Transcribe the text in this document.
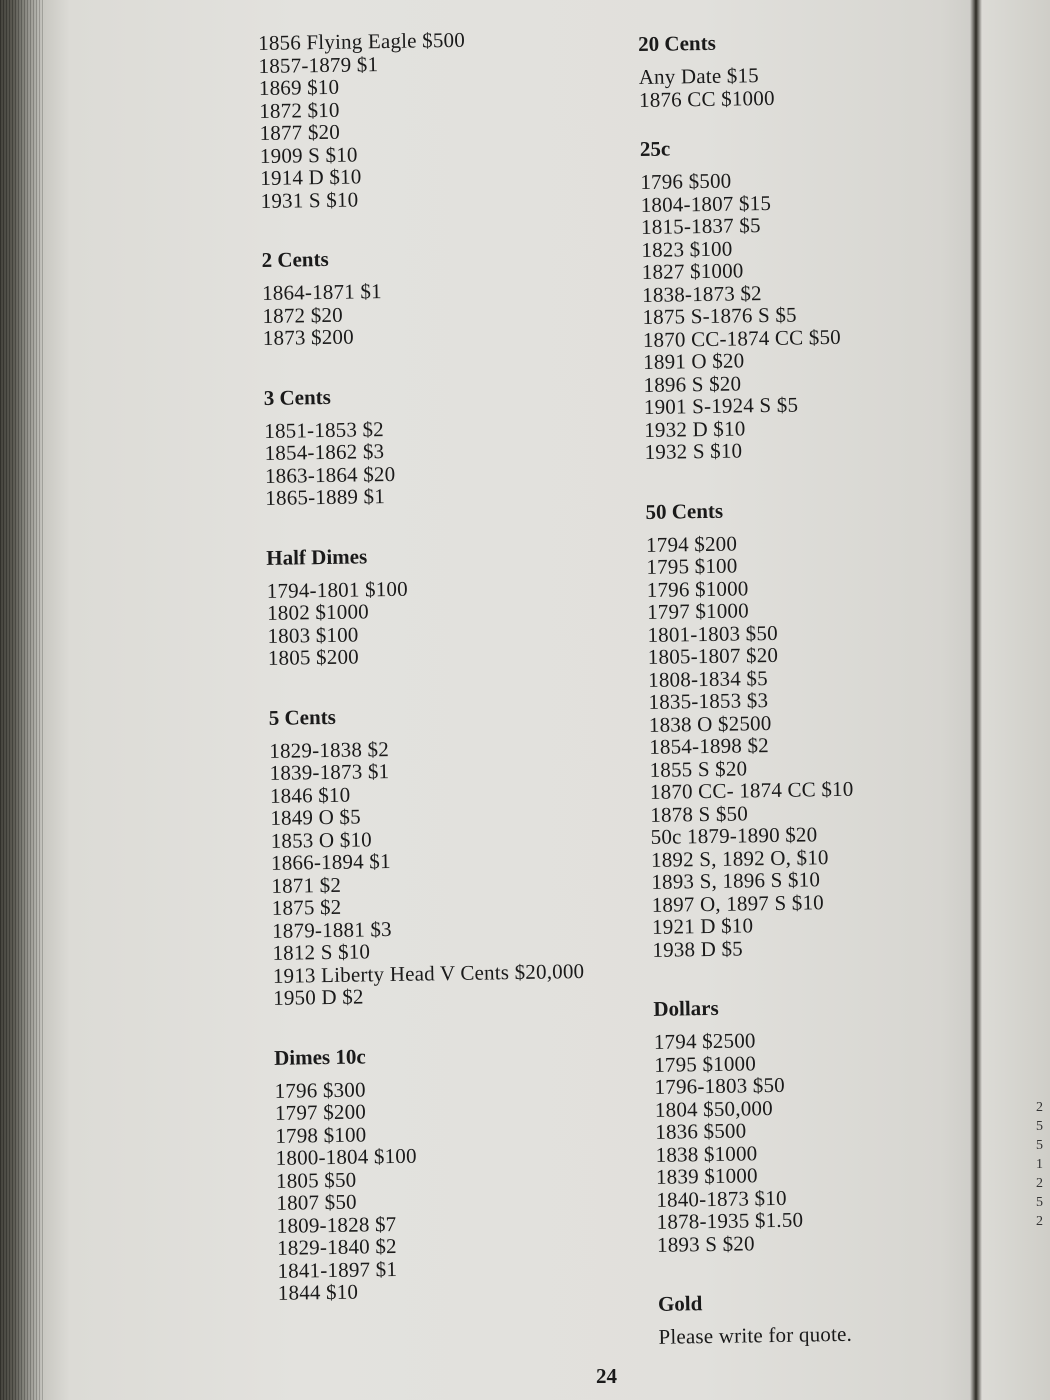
1856 Flying Eagle $500
1857-1879 $1
1869 $10
1872 $10
1877 $20
1909 S $10
1914 D $10
1931 S $10
2 Cents
1864-1871 $1
1872 $20
1873 $200
3 Cents
1851-1853 $2
1854-1862 $3
1863-1864 $20
1865-1889 $1
Half Dimes
1794-1801 $100
1802 $1000
1803 $100
1805 $200
5 Cents
1829-1838 $2
1839-1873 $1
1846 $10
1849 O $5
1853 O $10
1866-1894 $1
1871 $2
1875 $2
1879-1881 $3
1812 S $10
1913 Liberty Head V Cents $20,000
1950 D $2
Dimes 10c
1796 $300
1797 $200
1798 $100
1800-1804 $100
1805 $50
1807 $50
1809-1828 $7
1829-1840 $2
1841-1897 $1
1844 $10
20 Cents
Any Date $15
1876 CC $1000
25c
1796 $500
1804-1807 $15
1815-1837 $5
1823 $100
1827 $1000
1838-1873 $2
1875 S-1876 S $5
1870 CC-1874 CC $50
1891 O $20
1896 S $20
1901 S-1924 S $5
1932 D $10
1932 S $10
50 Cents
1794 $200
1795 $100
1796 $1000
1797 $1000
1801-1803 $50
1805-1807 $20
1808-1834 $5
1835-1853 $3
1838 O $2500
1854-1898 $2
1855 S $20
1870 CC- 1874 CC $10
1878 S $50
50c 1879-1890 $20
1892 S, 1892 O, $10
1893 S, 1896 S $10
1897 O, 1897 S $10
1921 D $10
1938 D $5
Dollars
1794 $2500
1795 $1000
1796-1803 $50
1804 $50,000
1836 $500
1838 $1000
1839 $1000
1840-1873 $10
1878-1935 $1.50
1893 S $20
Gold
Please write for quote.
24
2
5
5
1
2
5
2
